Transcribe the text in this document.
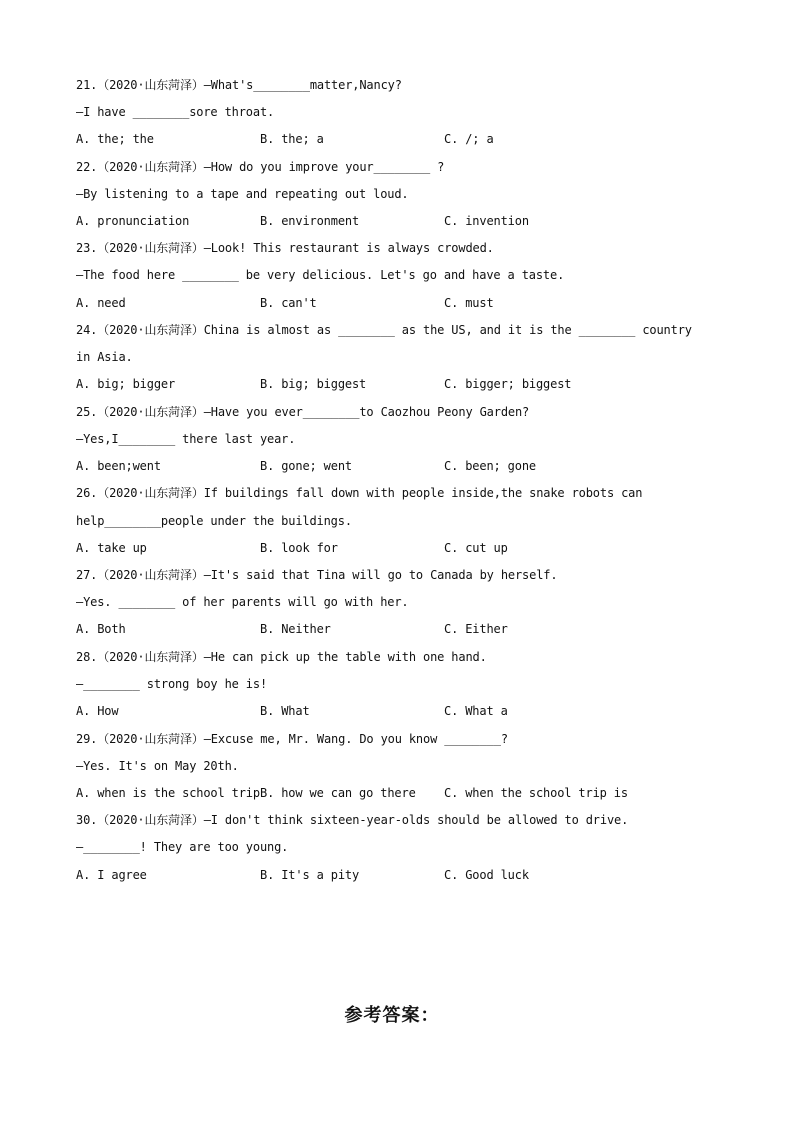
21.（2020·山东菏泽）—What's________matter,Nancy?
—I have ________sore throat.
A. the; the	B. the; a	C. /; a
22.（2020·山东菏泽）—How do you improve your________ ?
—By listening to a tape and repeating out loud.
A. pronunciation	B. environment	C. invention
23.（2020·山东菏泽）—Look! This restaurant is always crowded.
—The food here ________ be very delicious. Let's go and have a taste.
A. need	B. can't	C. must
24.（2020·山东菏泽）China is almost as ________ as the US, and it is the ________ country
in Asia.
A. big; bigger	B. big; biggest	C. bigger; biggest
25.（2020·山东菏泽）—Have you ever________to Caozhou Peony Garden?
—Yes,I________ there last year.
A. been;went	B. gone; went	C. been; gone
26.（2020·山东菏泽）If buildings fall down with people inside,the snake robots can
help________people under the buildings.
A. take up	B. look for	C. cut up
27.（2020·山东菏泽）—It's said that Tina will go to Canada by herself.
—Yes. ________ of her parents will go with her.
A. Both	B. Neither	C. Either
28.（2020·山东菏泽）—He can pick up the table with one hand.
—________ strong boy he is!
A. How	B. What	C. What a
29.（2020·山东菏泽）—Excuse me, Mr. Wang. Do you know ________?
—Yes. It's on May 20th.
A. when is the school trip B. how we can go there C. when the school trip is
30.（2020·山东菏泽）—I don't think sixteen-year-olds should be allowed to drive.
—________! They are too young.
A. I agree	B. It's a pity	C. Good luck
参考答案：
